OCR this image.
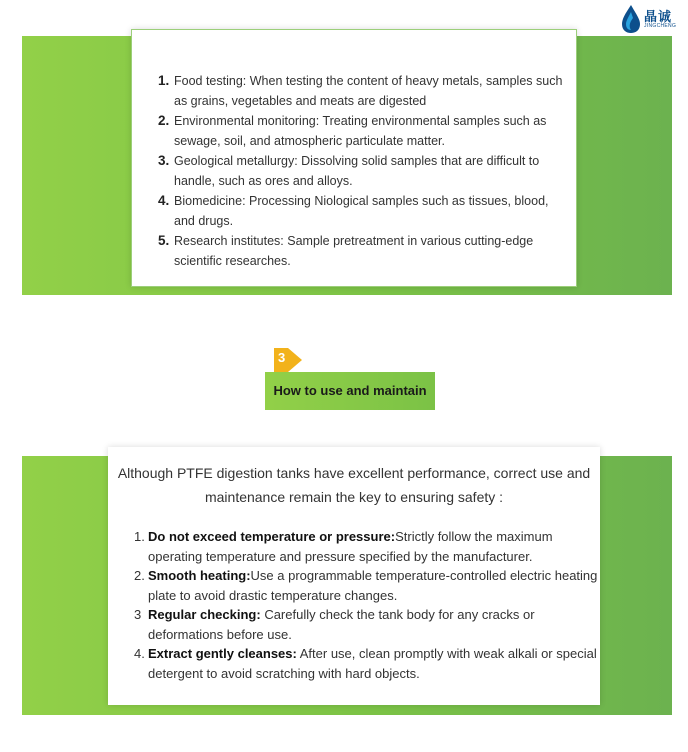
晶诚
JINGCHENG
1. Food testing: When testing the content of heavy metals, samples such as grains, vegetables and meats are digested
2. Environmental monitoring: Treating environmental samples such as sewage, soil, and atmospheric particulate matter.
3. Geological metallurgy: Dissolving solid samples that are difficult to handle, such as ores and alloys.
4. Biomedicine: Processing Niological samples such as tissues, blood, and drugs.
5. Research institutes: Sample pretreatment in various cutting-edge scientific researches.
3
How to use and maintain
Although PTFE digestion tanks have excellent performance, correct use and maintenance remain the key to ensuring safety :
1. Do not exceed temperature or pressure:Strictly follow the maximum operating temperature and pressure specified by the manufacturer.
2. Smooth heating:Use a programmable temperature-controlled electric heating plate to avoid drastic temperature changes.
3 Regular checking: Carefully check the tank body for any cracks or deformations before use.
4. Extract gently cleanses: After use, clean promptly with weak alkali or special detergent to avoid scratching with hard objects.
